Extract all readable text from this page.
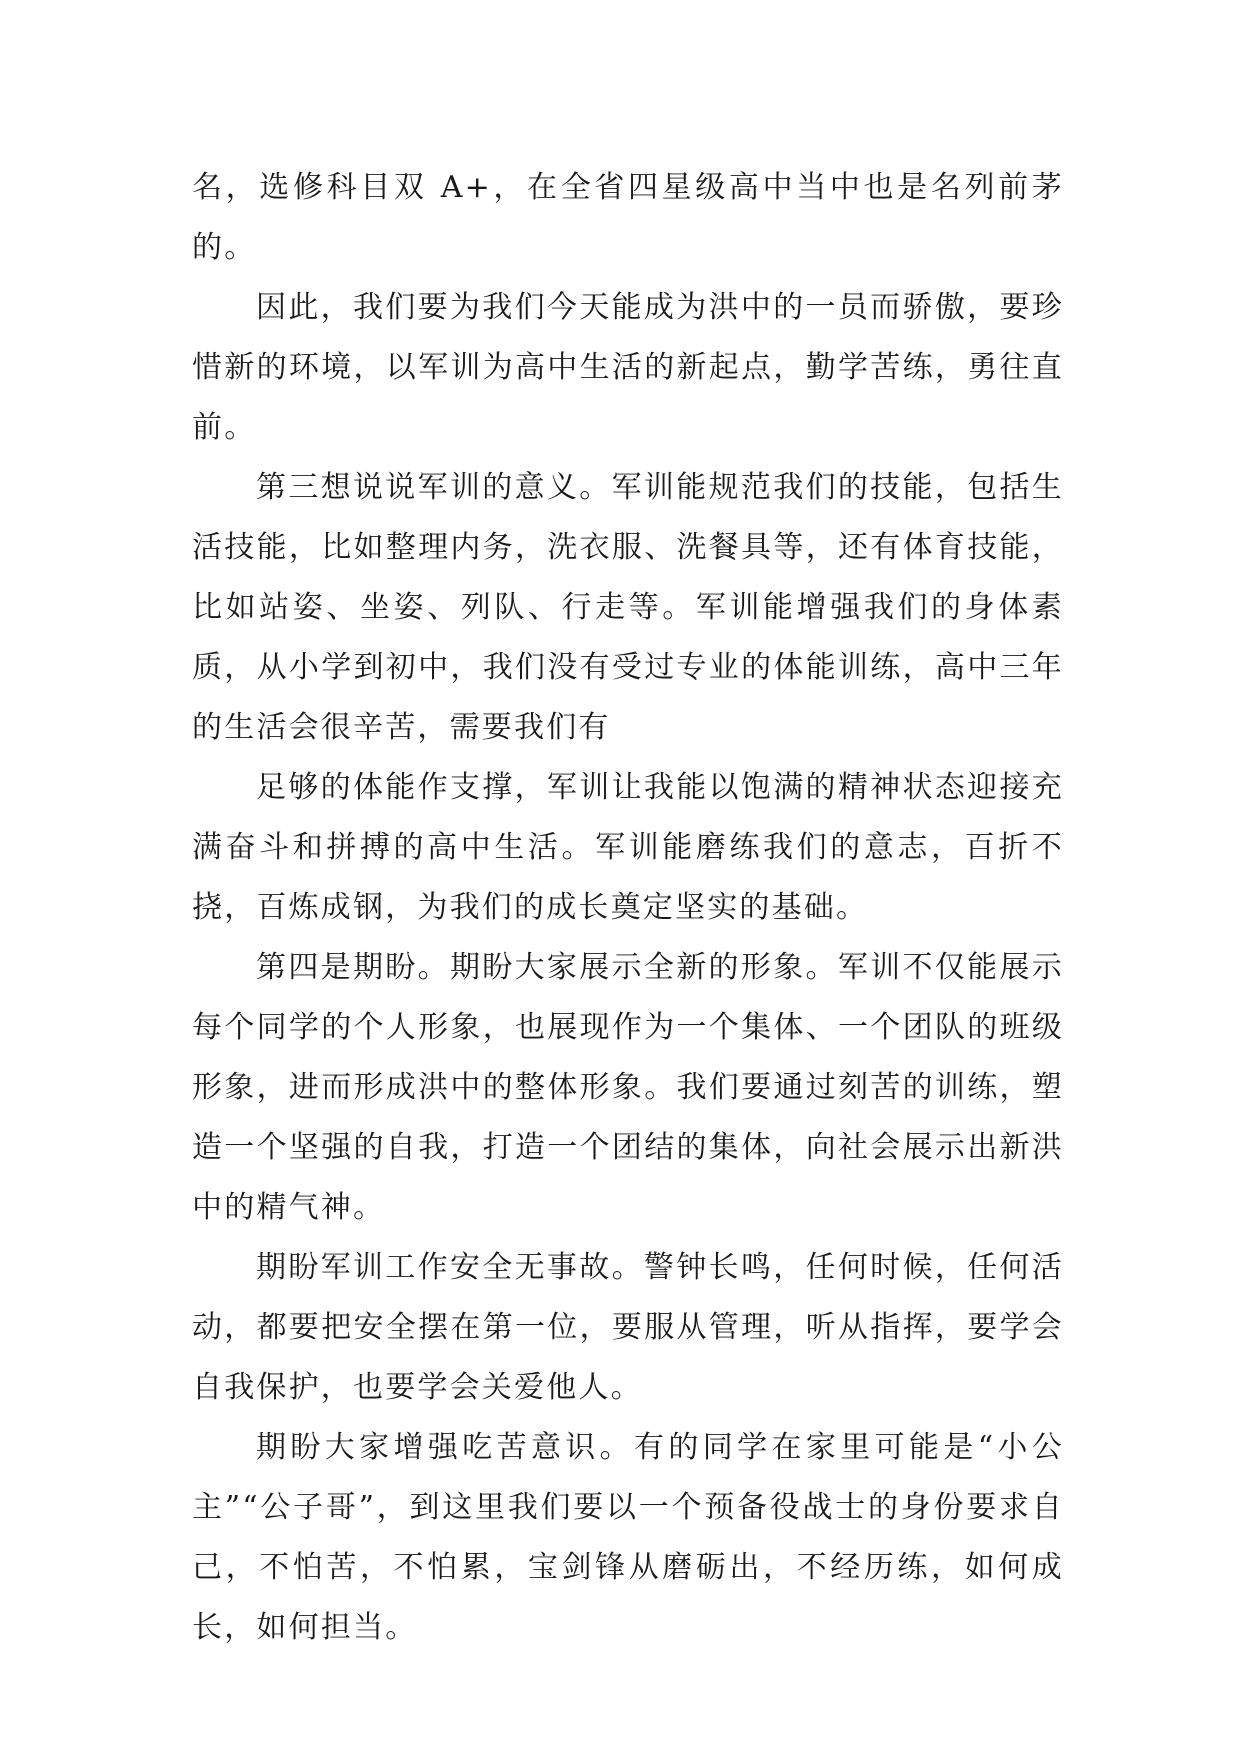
名，选修科目双 A+，在全省四星级高中当中也是名列前茅的。

因此，我们要为我们今天能成为洪中的一员而骄傲，要珍惜新的环境，以军训为高中生活的新起点，勤学苦练，勇往直前。

第三想说说军训的意义。军训能规范我们的技能，包括生活技能，比如整理内务，洗衣服、洗餐具等，还有体育技能，比如站姿、坐姿、列队、行走等。军训能增强我们的身体素质，从小学到初中，我们没有受过专业的体能训练，高中三年的生活会很辛苦，需要我们有

足够的体能作支撑，军训让我能以饱满的精神状态迎接充满奋斗和拼搏的高中生活。军训能磨练我们的意志，百折不挠，百炼成钢，为我们的成长奠定坚实的基础。

第四是期盼。期盼大家展示全新的形象。军训不仅能展示每个同学的个人形象，也展现作为一个集体、一个团队的班级形象，进而形成洪中的整体形象。我们要通过刻苦的训练，塑造一个坚强的自我，打造一个团结的集体，向社会展示出新洪中的精气神。

期盼军训工作安全无事故。警钟长鸣，任何时候，任何活动，都要把安全摆在第一位，要服从管理，听从指挥，要学会自我保护，也要学会关爱他人。

期盼大家增强吃苦意识。有的同学在家里可能是“小公主”“公子哥”，到这里我们要以一个预备役战士的身份要求自己，不怕苦，不怕累，宝剑锋从磨砺出，不经历练，如何成长，如何担当。
